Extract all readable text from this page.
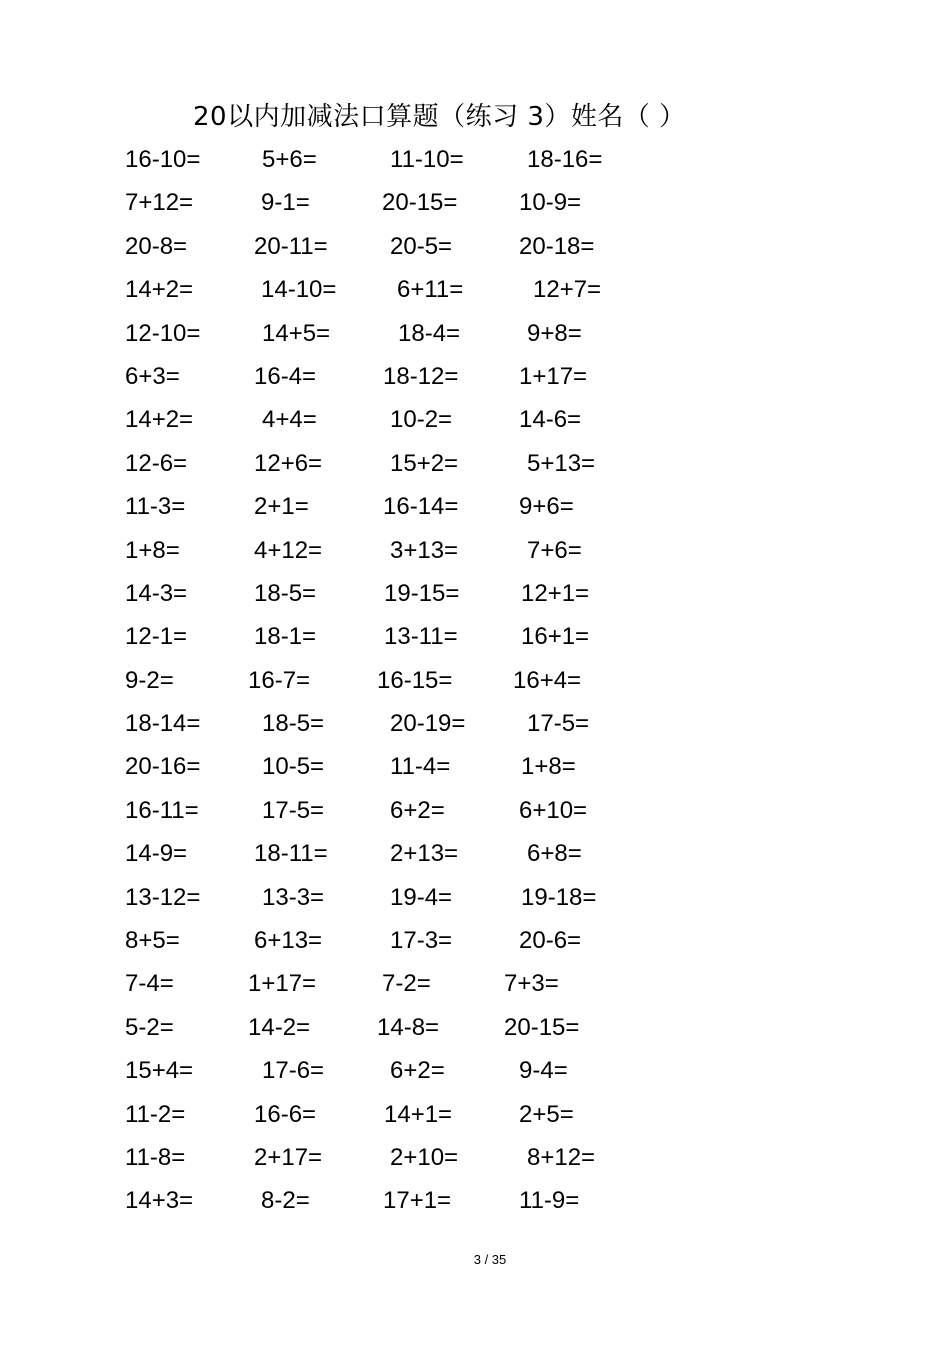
20以内加减法口算题（练习 3）姓名（ ）
16-10=	5+6=	11-10=	18-16=
7+12=	9-1=	20-15=	10-9=
20-8=	20-11=	20-5=	20-18=
14+2=	14-10=	6+11=	12+7=
12-10=	14+5=	18-4=	9+8=
6+3=	16-4=	18-12=	1+17=
14+2=	4+4=	10-2=	14-6=
12-6=	12+6=	15+2=	5+13=
11-3=	2+1=	16-14=	9+6=
1+8=	4+12=	3+13=	7+6=
14-3=	18-5=	19-15=	12+1=
12-1=	18-1=	13-11=	16+1=
9-2=	16-7=	16-15=	16+4=
18-14=	18-5=	20-19=	17-5=
20-16=	10-5=	11-4=	1+8=
16-11=	17-5=	6+2=	6+10=
14-9=	18-11=	2+13=	6+8=
13-12=	13-3=	19-4=	19-18=
8+5=	6+13=	17-3=	20-6=
7-4=	1+17=	7-2=	7+3=
5-2=	14-2=	14-8=	20-15=
15+4=	17-6=	6+2=	9-4=
11-2=	16-6=	14+1=	2+5=
11-8=	2+17=	2+10=	8+12=
14+3=	8-2=	17+1=	11-9=
3 / 35
